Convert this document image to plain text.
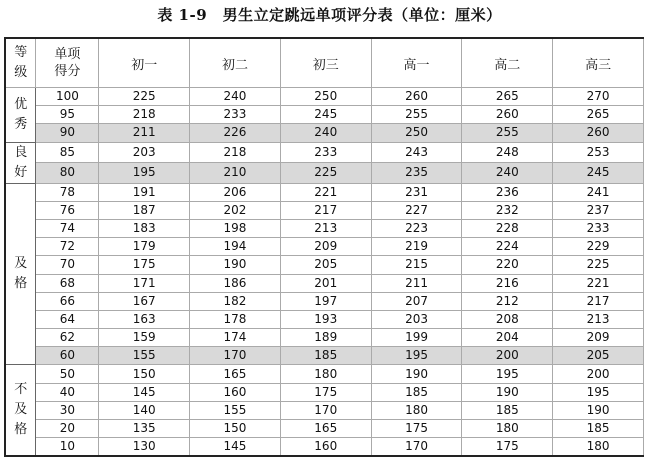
表 1-9　男生立定跳远单项评分表（单位：厘米）
等级	单项得分	初一	初二	初三	高一	高二	高三
优秀	100	225	240	250	260	265	270
	95	218	233	245	255	260	265
	90	211	226	240	250	255	260
良好	85	203	218	233	243	248	253
	80	195	210	225	235	240	245
及格	78	191	206	221	231	236	241
	76	187	202	217	227	232	237
	74	183	198	213	223	228	233
	72	179	194	209	219	224	229
	70	175	190	205	215	220	225
	68	171	186	201	211	216	221
	66	167	182	197	207	212	217
	64	163	178	193	203	208	213
	62	159	174	189	199	204	209
	60	155	170	185	195	200	205
不及格	50	150	165	180	190	195	200
	40	145	160	175	185	190	195
	30	140	155	170	180	185	190
	20	135	150	165	175	180	185
	10	130	145	160	170	175	180
